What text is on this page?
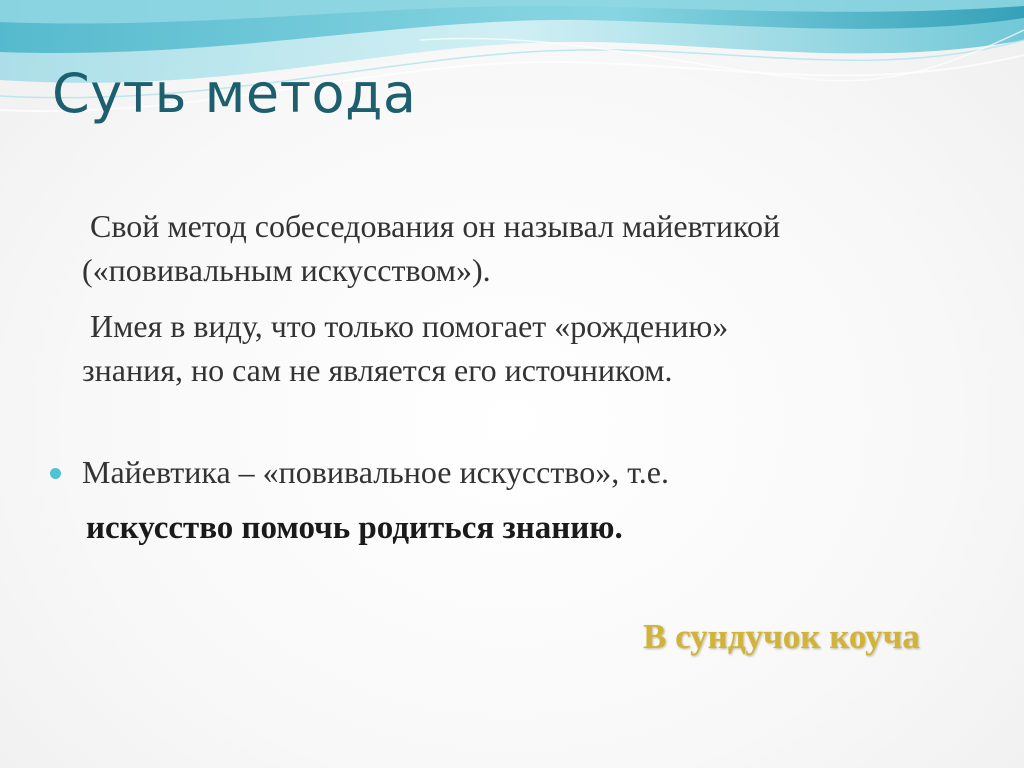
Суть метода

Свой метод собеседования он называл майевтикой
(«повивальным искусством»).

Имея в виду, что только помогает «рождению»
знания, но сам не является его источником.

Майевтика – «повивальное искусство», т.е.
искусство помочь родиться знанию.
В сундучок коуча
